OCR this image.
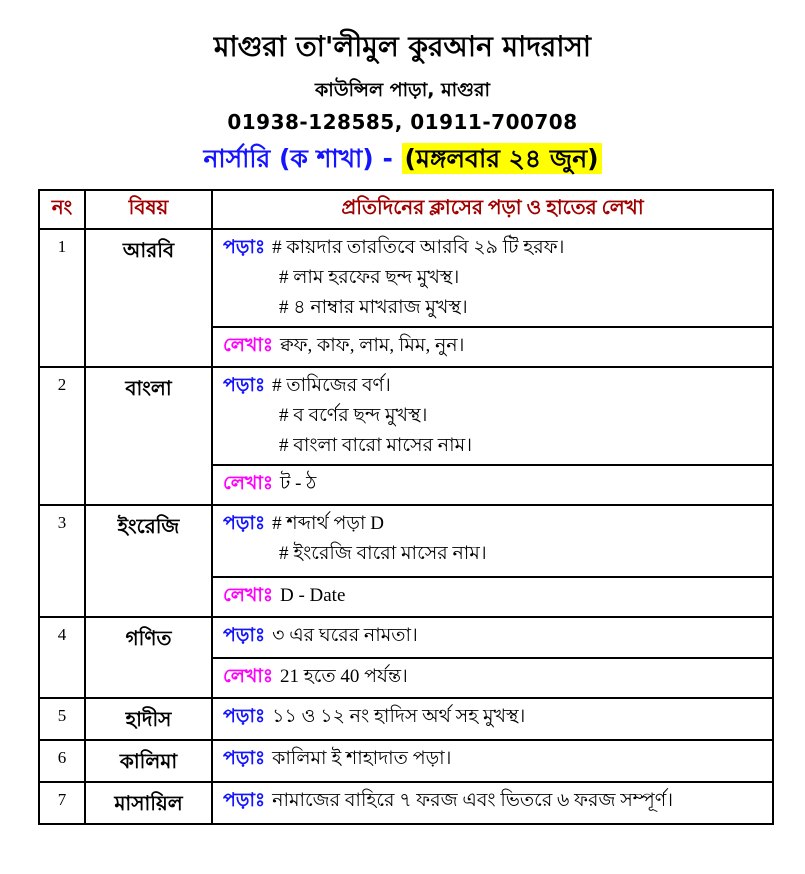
মাগুরা তা'লীমুল কুরআন মাদরাসা
কাউন্সিল পাড়া, মাগুরা
01938-128585, 01911-700708
নার্সারি (ক শাখা) - (মঙ্গলবার ২৪ জুন)
নং	বিষয়	প্রতিদিনের ক্লাসের পড়া ও হাতের লেখা
1	আরবি	পড়াঃ # কায়দার তারতিবে আরবি ২৯ টি হরফ।
# লাম হরফের ছন্দ মুখস্থ।
# ৪ নাম্বার মাখরাজ মুখস্থ।

		লেখাঃ ক্বফ, কাফ, লাম, মিম, নুন।
2	বাংলা	পড়াঃ # তামিজের বর্ণ।
# ব বর্ণের ছন্দ মুখস্থ।
# বাংলা বারো মাসের নাম।

		লেখাঃ ট - ঠ
3	ইংরেজি	পড়াঃ # শব্দার্থ পড়া D
# ইংরেজি বারো মাসের নাম।

		লেখাঃ D - Date
4	গণিত	পড়াঃ ৩ এর ঘরের নামতা।

		লেখাঃ 21 হতে 40 পর্যন্ত।
5	হাদীস	পড়াঃ ১১ ও ১২ নং হাদিস অর্থ সহ মুখস্থ।

6	কালিমা	পড়াঃ কালিমা ই শাহাদাত পড়া।

7	মাসায়িল	পড়াঃ নামাজের বাহিরে ৭ ফরজ এবং ভিতরে ৬ ফরজ সম্পূর্ণ।
